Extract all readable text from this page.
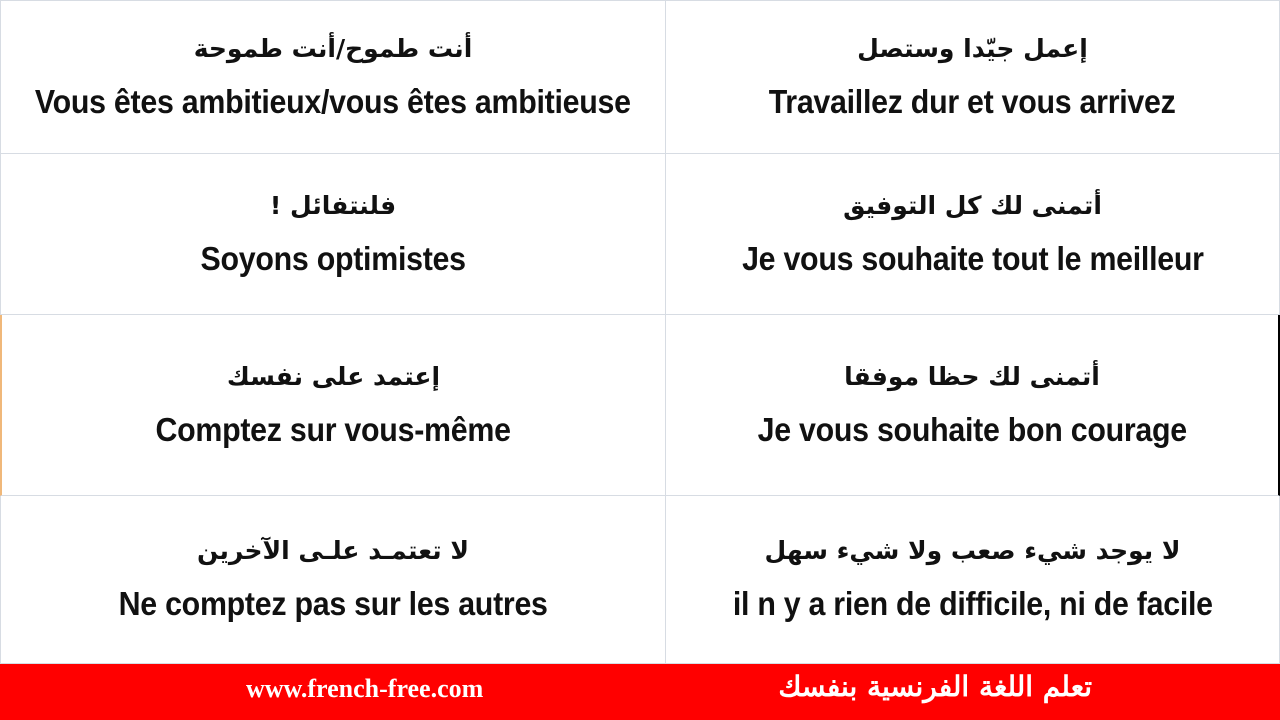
أنت طموح/أنت طموحة
Vous êtes ambitieux/vous êtes ambitieuse
إعمل جيّدا وستصل
Travaillez dur et vous arrivez
فلنتفائل !
Soyons optimistes
أتمنى لك كل التوفيق
Je vous souhaite tout le meilleur
إعتمد على نفسك
Comptez sur vous-même
أتمنى لك حظا موفقا
Je vous souhaite bon courage
لا تعتمـد علـى الآخرين
Ne comptez pas sur les autres
لا يوجد شيء صعب ولا شيء سهل
il n y a rien de difficile, ni de facile
www.french-free.com	تعلم اللغة الفرنسية بنفسك
